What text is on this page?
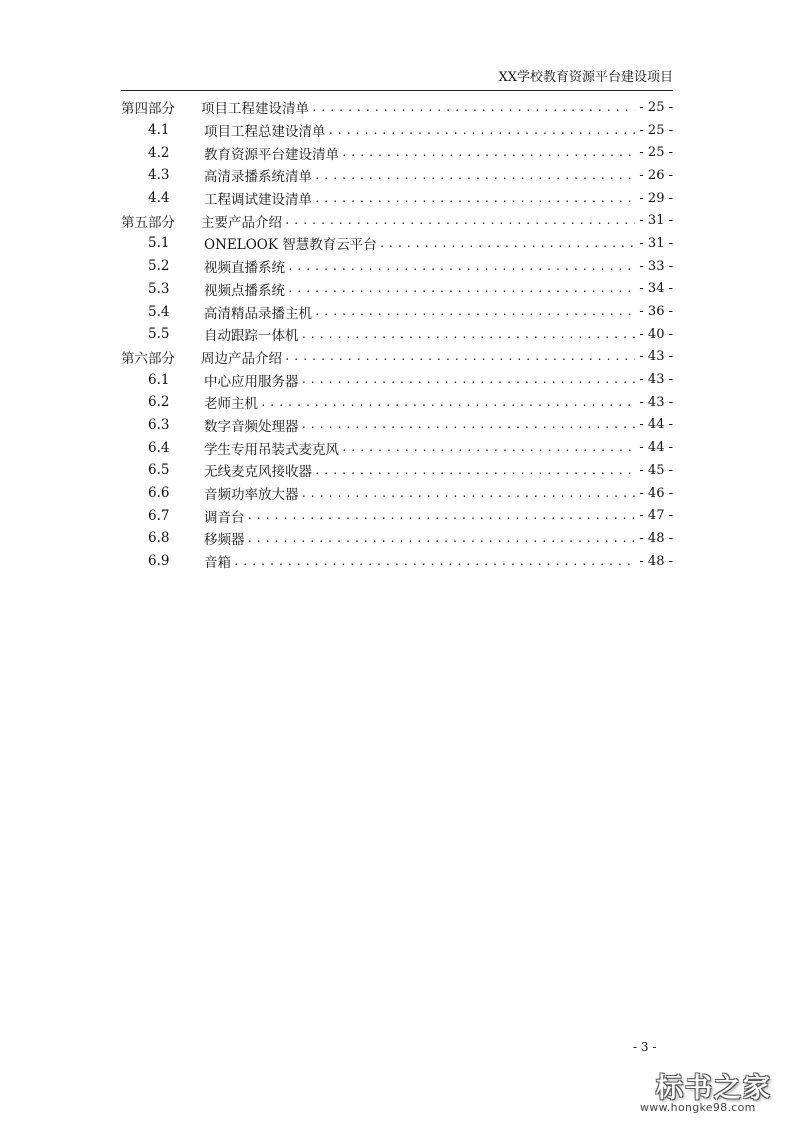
XX学校教育资源平台建设项目
第四部分	项目工程建设清单 .....	- 25 -
4.1	项目工程总建设清单 .....	- 25 -
4.2	教育资源平台建设清单 .....	- 25 -
4.3	高清录播系统清单 .....	- 26 -
4.4	工程调试建设清单 .....	- 29 -
第五部分	主要产品介绍 .....	- 31 -
5.1	ONELOOK 智慧教育云平台 .....	- 31 -
5.2	视频直播系统 .....	- 33 -
5.3	视频点播系统 .....	- 34 -
5.4	高清精品录播主机 .....	- 36 -
5.5	自动跟踪一体机 .....	- 40 -
第六部分	周边产品介绍 .....	- 43 -
6.1	中心应用服务器 .....	- 43 -
6.2	老师主机 .....	- 43 -
6.3	数字音频处理器 .....	- 44 -
6.4	学生专用吊装式麦克风 .....	- 44 -
6.5	无线麦克风接收器 .....	- 45 -
6.6	音频功率放大器 .....	- 46 -
6.7	调音台 .....	- 47 -
6.8	移频器 .....	- 48 -
6.9	音箱 .....	- 48 -
- 3 -
标书之家
www.hongke98.com
